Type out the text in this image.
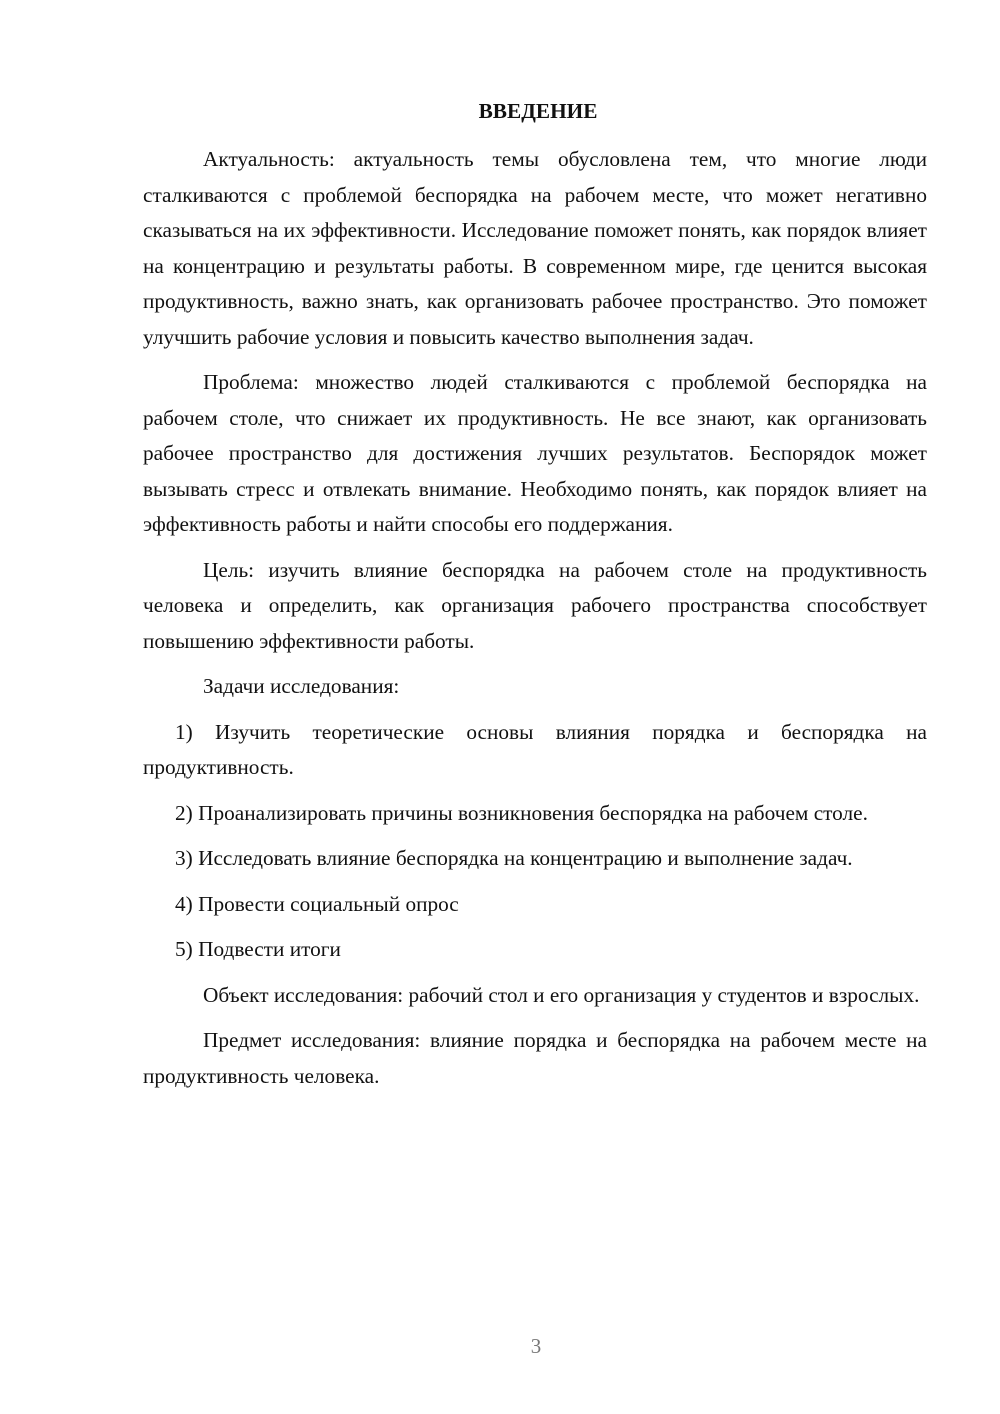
ВВЕДЕНИЕ

Актуальность: актуальность темы обусловлена тем, что многие люди сталкиваются с проблемой беспорядка на рабочем месте, что может негативно сказываться на их эффективности. Исследование поможет понять, как порядок влияет на концентрацию и результаты работы. В современном мире, где ценится высокая продуктивность, важно знать, как организовать рабочее пространство. Это поможет улучшить рабочие условия и повысить качество выполнения задач.

Проблема: множество людей сталкиваются с проблемой беспорядка на рабочем столе, что снижает их продуктивность. Не все знают, как организовать рабочее пространство для достижения лучших результатов. Беспорядок может вызывать стресс и отвлекать внимание. Необходимо понять, как порядок влияет на эффективность работы и найти способы его поддержания.

Цель: изучить влияние беспорядка на рабочем столе на продуктивность человека и определить, как организация рабочего пространства способствует повышению эффективности работы.

Задачи исследования:

1) Изучить теоретические основы влияния порядка и беспорядка на продуктивность.

2) Проанализировать причины возникновения беспорядка на рабочем столе.

3) Исследовать влияние беспорядка на концентрацию и выполнение задач.

4) Провести социальный опрос

5) Подвести итоги

Объект исследования: рабочий стол и его организация у студентов и взрослых.

Предмет исследования: влияние порядка и беспорядка на рабочем месте на продуктивность человека.

3
